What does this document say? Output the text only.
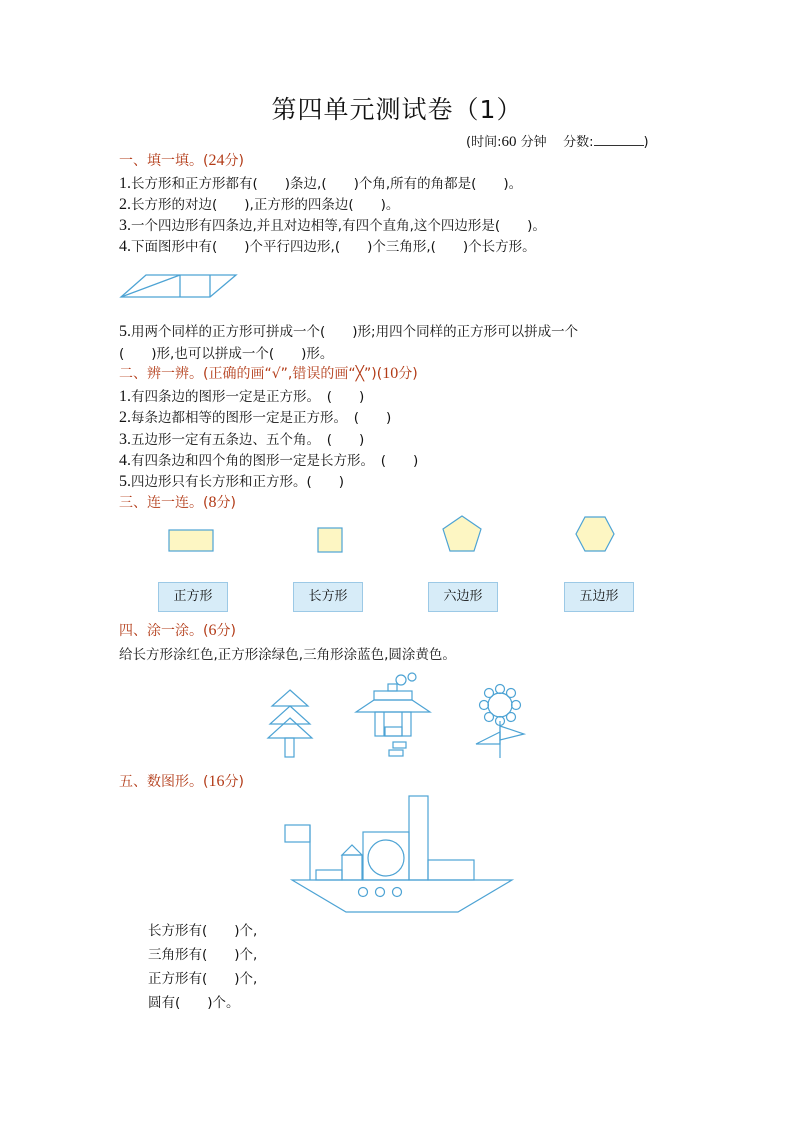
第四单元测试卷（1）
(时间:60 分钟 分数:	)
一、填一填。(24分)
1.长方形和正方形都有(　　)条边,(　　)个角,所有的角都是(　　)。
2.长方形的对边(　　),正方形的四条边(　　)。
3.一个四边形有四条边,并且对边相等,有四个直角,这个四边形是(　　)。
4.下面图形中有(　　)个平行四边形,(　　)个三角形,(　　)个长方形。
5.用两个同样的正方形可拼成一个(　　)形;用四个同样的正方形可以拼成一个
(　　)形,也可以拼成一个(　　)形。
二、辨一辨。(正确的画“√”,错误的画“╳”)(10分)
1.有四条边的图形一定是正方形。　(　　)
2.每条边都相等的图形一定是正方形。　(　　)
3.五边形一定有五条边、五个角。　(　　)
4.有四条边和四个角的图形一定是长方形。　(　　)
5.四边形只有长方形和正方形。(　　)
三、连一连。(8分)
正方形	长方形	六边形	五边形
四、涂一涂。(6分)
给长方形涂红色,正方形涂绿色,三角形涂蓝色,圆涂黄色。
五、数图形。(16分)
长方形有(　　)个,
三角形有(　　)个,
正方形有(　　)个,
圆有(　　)个。
